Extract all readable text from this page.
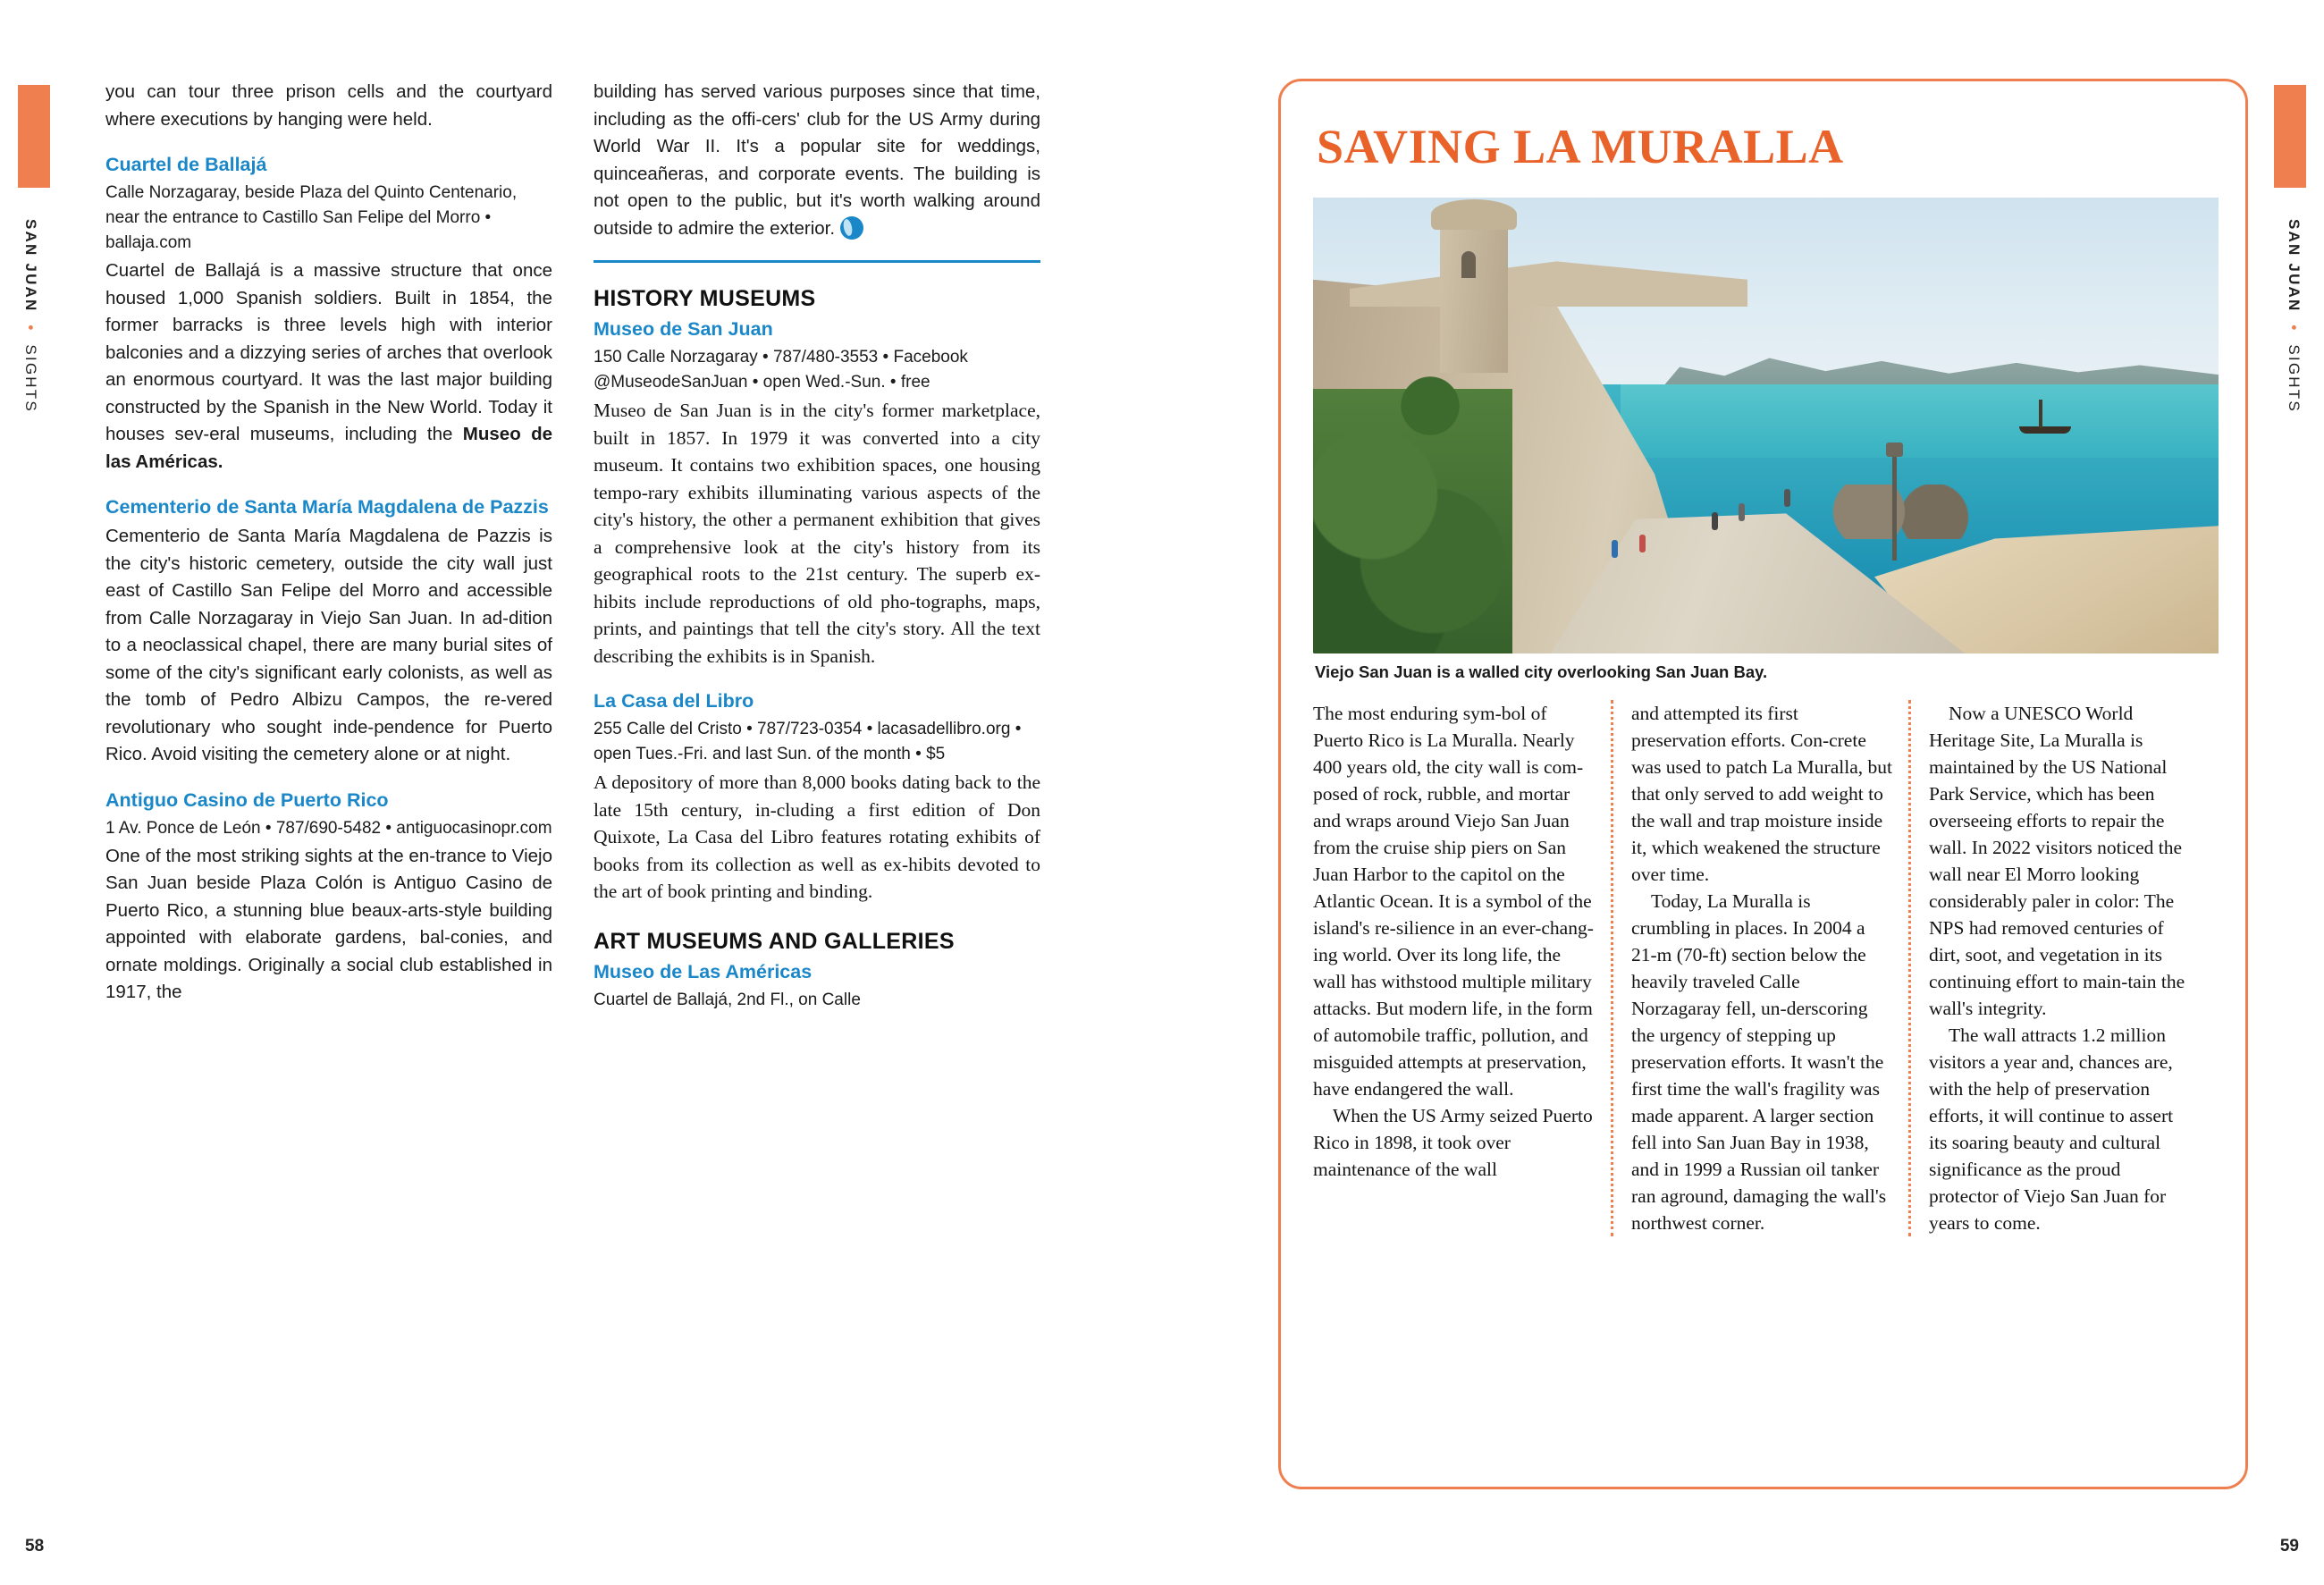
SAN JUAN  •  SIGHTS

you can tour three prison cells and the courtyard where executions by hanging were held.

Cuartel de Ballajá
Calle Norzagaray, beside Plaza del Quinto Centenario, near the entrance to Castillo San Felipe del Morro • ballaja.com

Cuartel de Ballajá is a massive structure that once housed 1,000 Spanish soldiers. Built in 1854, the former barracks is three levels high with interior balconies and a dizzying series of arches that overlook an enormous courtyard. It was the last major building constructed by the Spanish in the New World. Today it houses sev-eral museums, including the Museo de las Américas.

Cementerio de Santa María Magdalena de Pazzis

Cementerio de Santa María Magdalena de Pazzis is the city's historic cemetery, outside the city wall just east of Castillo San Felipe del Morro and accessible from Calle Norzagaray in Viejo San Juan. In ad-dition to a neoclassical chapel, there are many burial sites of some of the city's significant early colonists, as well as the tomb of Pedro Albizu Campos, the re-vered revolutionary who sought inde-pendence for Puerto Rico. Avoid visiting the cemetery alone or at night.

Antiguo Casino de Puerto Rico
1 Av. Ponce de León • 787/690-5482 • antiguocasinopr.com

One of the most striking sights at the en-trance to Viejo San Juan beside Plaza Colón is Antiguo Casino de Puerto Rico, a stunning blue beaux-arts-style building appointed with elaborate gardens, bal-conies, and ornate moldings. Originally a social club established in 1917, the

building has served various purposes since that time, including as the offi-cers' club for the US Army during World War II. It's a popular site for weddings, quinceañeras, and corporate events. The building is not open to the public, but it's worth walking around outside to admire the exterior.

HISTORY MUSEUMS
Museo de San Juan
150 Calle Norzagaray • 787/480-3553 • Facebook @MuseodeSanJuan • open Wed.-Sun. • free

Museo de San Juan is in the city's former marketplace, built in 1857. In 1979 it was converted into a city museum. It contains two exhibition spaces, one housing tempo-rary exhibits illuminating various aspects of the city's history, the other a permanent exhibition that gives a comprehensive look at the city's history from its geographical roots to the 21st century. The superb ex-hibits include reproductions of old pho-tographs, maps, prints, and paintings that tell the city's story. All the text describing the exhibits is in Spanish.

La Casa del Libro
255 Calle del Cristo • 787/723-0354 • lacasadellibro.org • open Tues.-Fri. and last Sun. of the month • $5

A depository of more than 8,000 books dating back to the late 15th century, in-cluding a first edition of Don Quixote, La Casa del Libro features rotating exhibits of books from its collection as well as ex-hibits devoted to the art of book printing and binding.

ART MUSEUMS AND GALLERIES
Museo de Las Américas
Cuartel de Ballajá, 2nd Fl., on Calle
58
SAN JUAN  •  SIGHTS
59
SAVING LA MURALLA
Viejo San Juan is a walled city overlooking San Juan Bay.

The most enduring sym-bol of Puerto Rico is La Muralla. Nearly 400 years old, the city wall is com-posed of rock, rubble, and mortar and wraps around Viejo San Juan from the cruise ship piers on San Juan Harbor to the capitol on the Atlantic Ocean. It is a symbol of the island's re-silience in an ever-chang-ing world. Over its long life, the wall has withstood multiple military attacks. But modern life, in the form of automobile traffic, pollution, and misguided attempts at preservation, have endangered the wall.

When the US Army seized Puerto Rico in 1898, it took over maintenance of the wall

and attempted its first preservation efforts. Con-crete was used to patch La Muralla, but that only served to add weight to the wall and trap moisture inside it, which weakened the structure over time.

Today, La Muralla is crumbling in places. In 2004 a 21-m (70-ft) section below the heavily traveled Calle Norzagaray fell, un-derscoring the urgency of stepping up preservation efforts. It wasn't the first time the wall's fragility was made apparent. A larger section fell into San Juan Bay in 1938, and in 1999 a Russian oil tanker ran aground, damaging the wall's northwest corner.

Now a UNESCO World Heritage Site, La Muralla is maintained by the US National Park Service, which has been overseeing efforts to repair the wall. In 2022 visitors noticed the wall near El Morro looking considerably paler in color: The NPS had removed centuries of dirt, soot, and vegetation in its continuing effort to main-tain the wall's integrity.

The wall attracts 1.2 million visitors a year and, chances are, with the help of preservation efforts, it will continue to assert its soaring beauty and cultural significance as the proud protector of Viejo San Juan for years to come.
